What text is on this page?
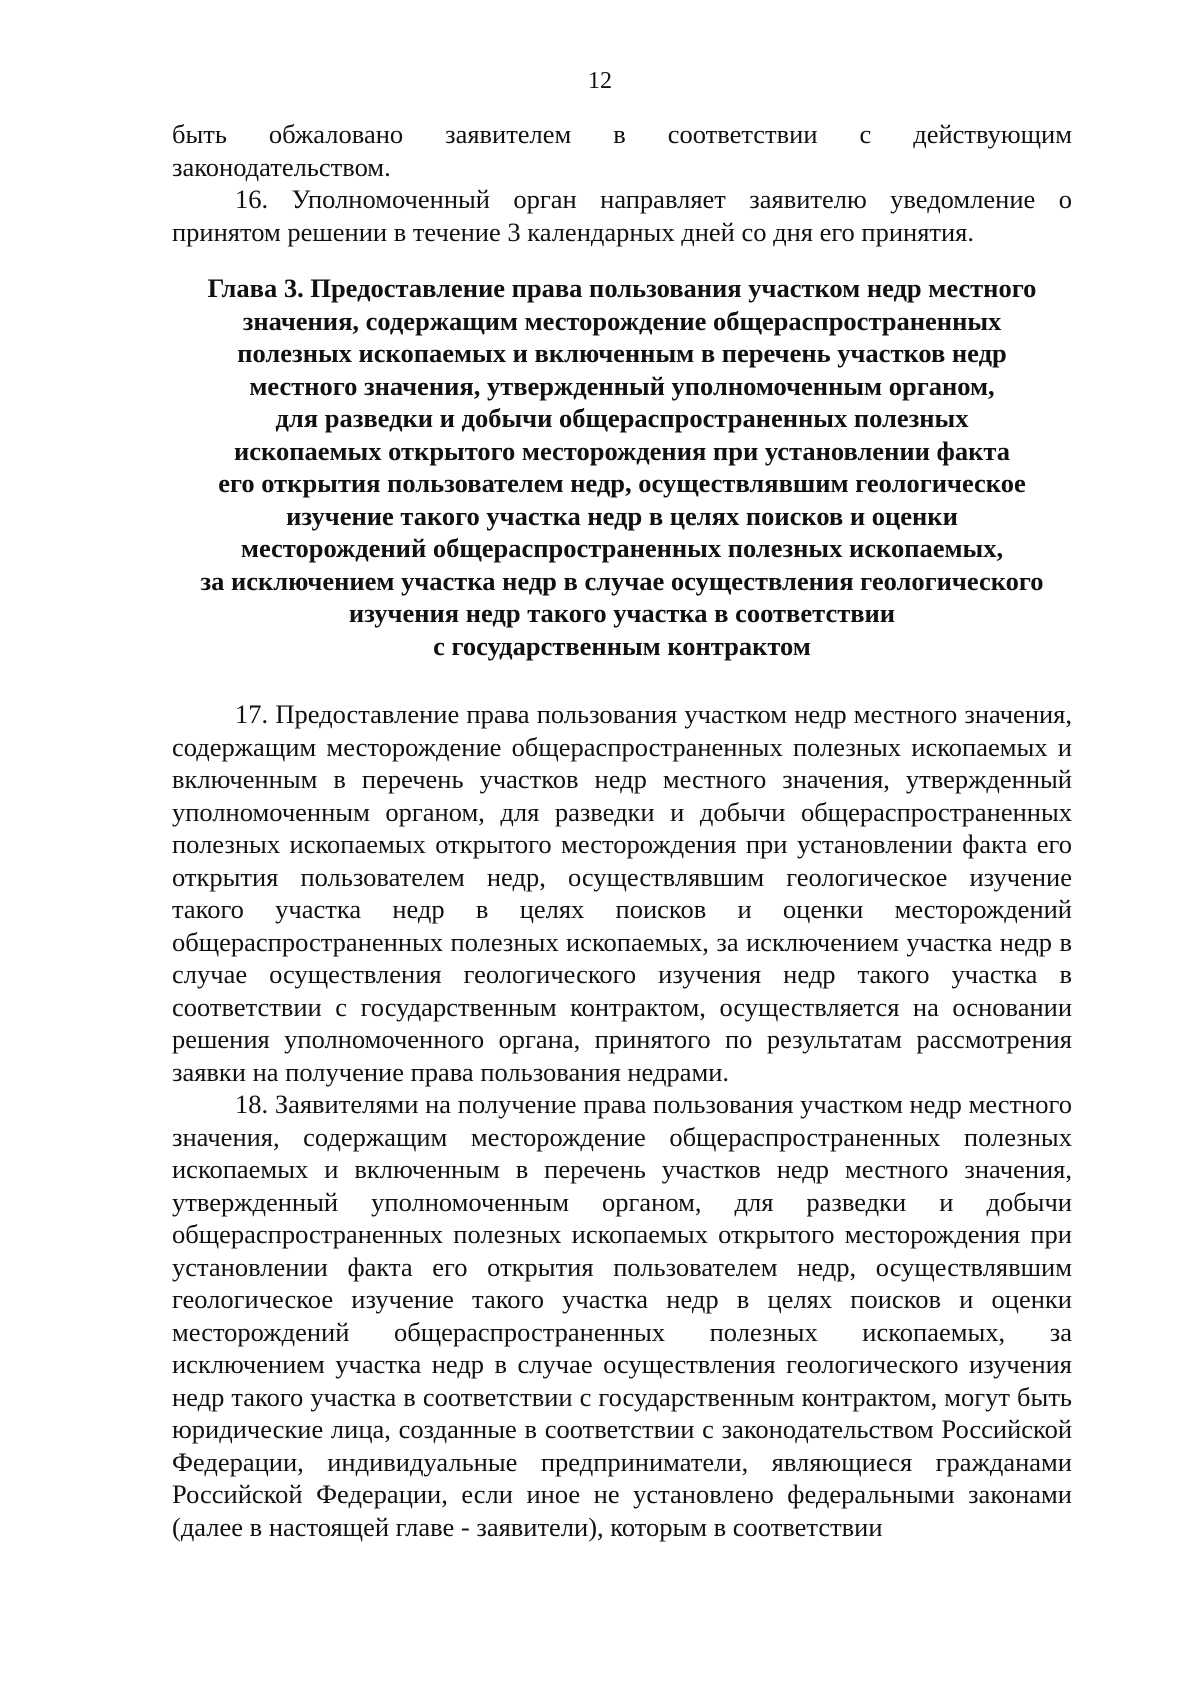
12

быть обжаловано заявителем в соответствии с действующим законодательством.

16. Уполномоченный орган направляет заявителю уведомление о принятом решении в течение 3 календарных дней со дня его принятия.

Глава 3. Предоставление права пользования участком недр местного
значения, содержащим месторождение общераспространенных
полезных ископаемых и включенным в перечень участков недр
местного значения, утвержденный уполномоченным органом,
для разведки и добычи общераспространенных полезных
ископаемых открытого месторождения при установлении факта
его открытия пользователем недр, осуществлявшим геологическое
изучение такого участка недр в целях поисков и оценки
месторождений общераспространенных полезных ископаемых,
за исключением участка недр в случае осуществления геологического
изучения недр такого участка в соответствии
с государственным контрактом

17. Предоставление права пользования участком недр местного значения, содержащим месторождение общераспространенных полезных ископаемых и включенным в перечень участков недр местного значения, утвержденный уполномоченным органом, для разведки и добычи общераспространенных полезных ископаемых открытого месторождения при установлении факта его открытия пользователем недр, осуществлявшим геологическое изучение такого участка недр в целях поисков и оценки месторождений общераспространенных полезных ископаемых, за исключением участка недр в случае осуществления геологического изучения недр такого участка в соответствии с государственным контрактом, осуществляется на основании решения уполномоченного органа, принятого по результатам рассмотрения заявки на получение права пользования недрами.

18. Заявителями на получение права пользования участком недр местного значения, содержащим месторождение общераспространенных полезных ископаемых и включенным в перечень участков недр местного значения, утвержденный уполномоченным органом, для разведки и добычи общераспространенных полезных ископаемых открытого месторождения при установлении факта его открытия пользователем недр, осуществлявшим геологическое изучение такого участка недр в целях поисков и оценки месторождений общераспространенных полезных ископаемых, за исключением участка недр в случае осуществления геологического изучения недр такого участка в соответствии с государственным контрактом, могут быть юридические лица, созданные в соответствии с законодательством Российской Федерации, индивидуальные предприниматели, являющиеся гражданами Российской Федерации, если иное не установлено федеральными законами (далее в настоящей главе - заявители), которым в соответствии
